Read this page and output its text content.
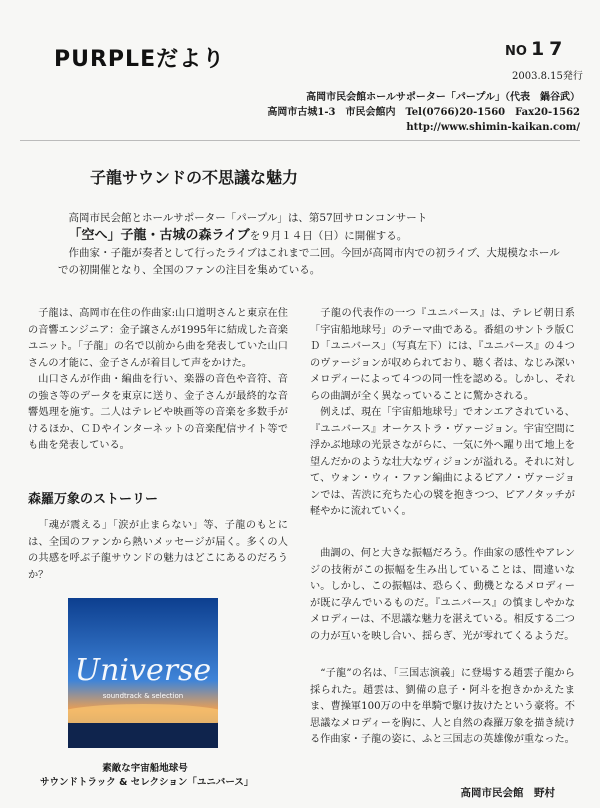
PURPLEだより	NO 17
2003.8.15発行
高岡市民会館ホールサポーター「パープル」（代表　鍋谷武）
高岡市古城1-3　市民会館内　Tel(0766)20-1560　Fax20-1562
http://www.shimin-kaikan.com/
子龍サウンドの不思議な魅力

高岡市民会館とホールサポーター「パープル」は、第57回サロンコンサート

「空へ」子龍・古城の森ライブを９月１４日（日）に開催する。

作曲家・子龍が奏者として行ったライブはこれまで二回。今回が高岡市内での初ライブ、大規模なホールでの初開催となり、全国のファンの注目を集めている。

子龍は、高岡市在住の作曲家:山口道明さんと東京在住の音響エンジニア：金子譲さんが1995年に結成した音楽ユニット。「子龍」の名で以前から曲を発表していた山口さんの才能に、金子さんが着目して声をかけた。

山口さんが作曲・編曲を行い、楽器の音色や音符、音の強さ等のデータを東京に送り、金子さんが最終的な音響処理を施す。二人はテレビや映画等の音楽を多数手がけるほか、ＣＤやインターネットの音楽配信サイト等でも曲を発表している。

森羅万象のストーリー

「魂が震える」「涙が止まらない」等、子龍のもとには、全国のファンから熱いメッセージが届く。多くの人の共感を呼ぶ子龍サウンドの魅力はどこにあるのだろうか？

Universe
soundtrack & selection
素敵な宇宙船地球号
サウンドトラック & セレクション「ユニバース」

子龍の代表作の一つ『ユニバース』は、テレビ朝日系「宇宙船地球号」のテーマ曲である。番組のサントラ版ＣＤ「ユニバース」（写真左下）には、『ユニバース』の４つのヴァージョンが収められており、聴く者は、なじみ深いメロディーによって４つの同一性を認める。しかし、それらの曲調が全く異なっていることに驚かされる。

例えば、現在「宇宙船地球号」でオンエアされている、『ユニバース』オーケストラ・ヴァージョン。宇宙空間に浮かぶ地球の光景さながらに、一気に外へ躍り出て地上を望んだかのような壮大なヴィジョンが溢れる。それに対して、ウォン・ウィ・ファン編曲によるピアノ・ヴァージョンでは、苦渋に充ちた心の襞を抱きつつ、ピアノタッチが軽やかに流れていく。

曲調の、何と大きな振幅だろう。作曲家の感性やアレンジの技術がこの振幅を生み出していることは、間違いない。しかし、この振幅は、恐らく、動機となるメロディーが既に孕んでいるものだ。『ユニバース』の慎ましやかなメロディーは、不思議な魅力を湛えている。相反する二つの力が互いを映し合い、揺らぎ、光が零れてくるようだ。

“子龍”の名は、「三国志演義」に登場する趙雲子龍から採られた。趙雲は、劉備の息子・阿斗を抱きかかえたまま、曹操軍100万の中を単騎で駆け抜けたという豪将。不思議なメロディーを胸に、人と自然の森羅万象を描き続ける作曲家・子龍の姿に、ふと三国志の英雄像が重なった。

高岡市民会館　野村
